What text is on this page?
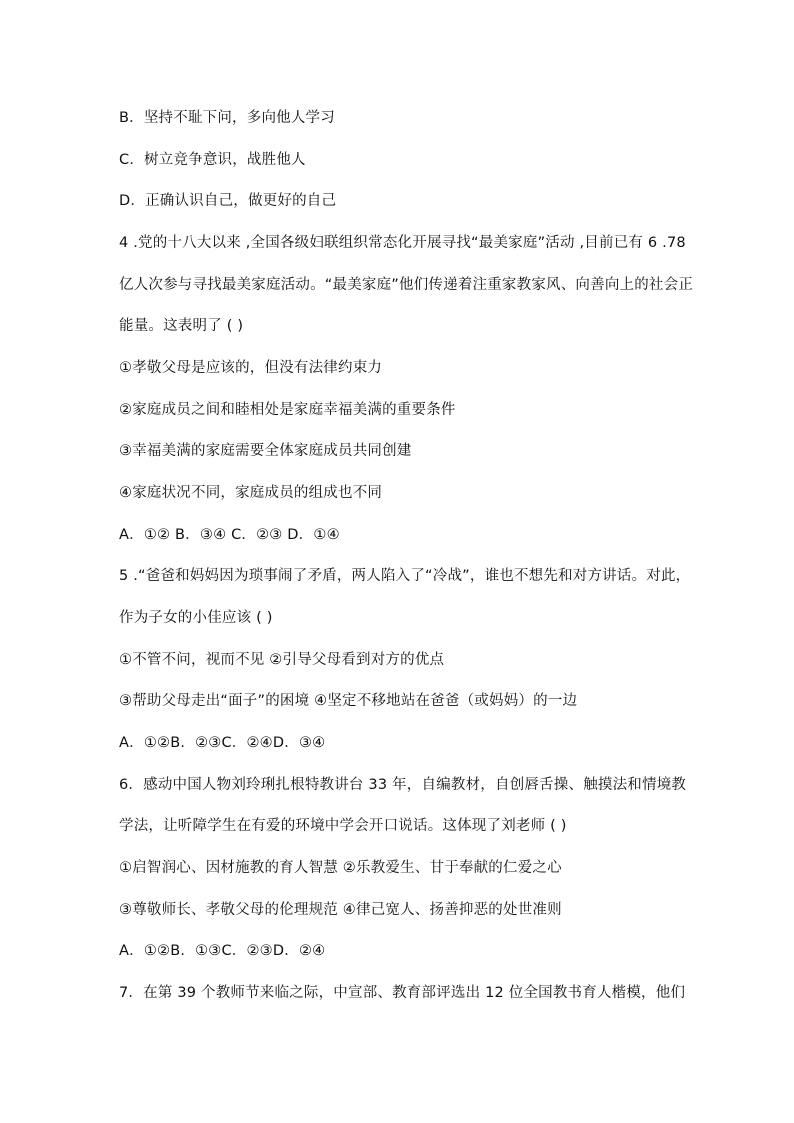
B．坚持不耻下问，多向他人学习
C．树立竞争意识，战胜他人
D．正确认识自己，做更好的自己
4 .党的十八大以来 ,全国各级妇联组织常态化开展寻找“最美家庭”活动 ,目前已有 6 .78
亿人次参与寻找最美家庭活动。“最美家庭”他们传递着注重家教家风、向善向上的社会正
能量。这表明了 ( )
①孝敬父母是应该的，但没有法律约束力
②家庭成员之间和睦相处是家庭幸福美满的重要条件
③幸福美满的家庭需要全体家庭成员共同创建
④家庭状况不同，家庭成员的组成也不同
A．①② B．③④ C．②③ D．①④
5 .“爸爸和妈妈因为琐事闹了矛盾，两人陷入了“冷战”，谁也不想先和对方讲话。对此，
作为子女的小佳应该 ( )
①不管不问，视而不见 ②引导父母看到对方的优点
③帮助父母走出“面子”的困境 ④坚定不移地站在爸爸（或妈妈）的一边
A．①②B．②③C．②④D．③④
6．感动中国人物刘玲琍扎根特教讲台 33 年，自编教材，自创唇舌操、触摸法和情境教
学法，让听障学生在有爱的环境中学会开口说话。这体现了刘老师 ( )
①启智润心、因材施教的育人智慧 ②乐教爱生、甘于奉献的仁爱之心
③尊敬师长、孝敬父母的伦理规范 ④律己宽人、扬善抑恶的处世准则
A．①②B．①③C．②③D．②④
7．在第 39 个教师节来临之际，中宣部、教育部评选出 12 位全国教书育人楷模，他们
